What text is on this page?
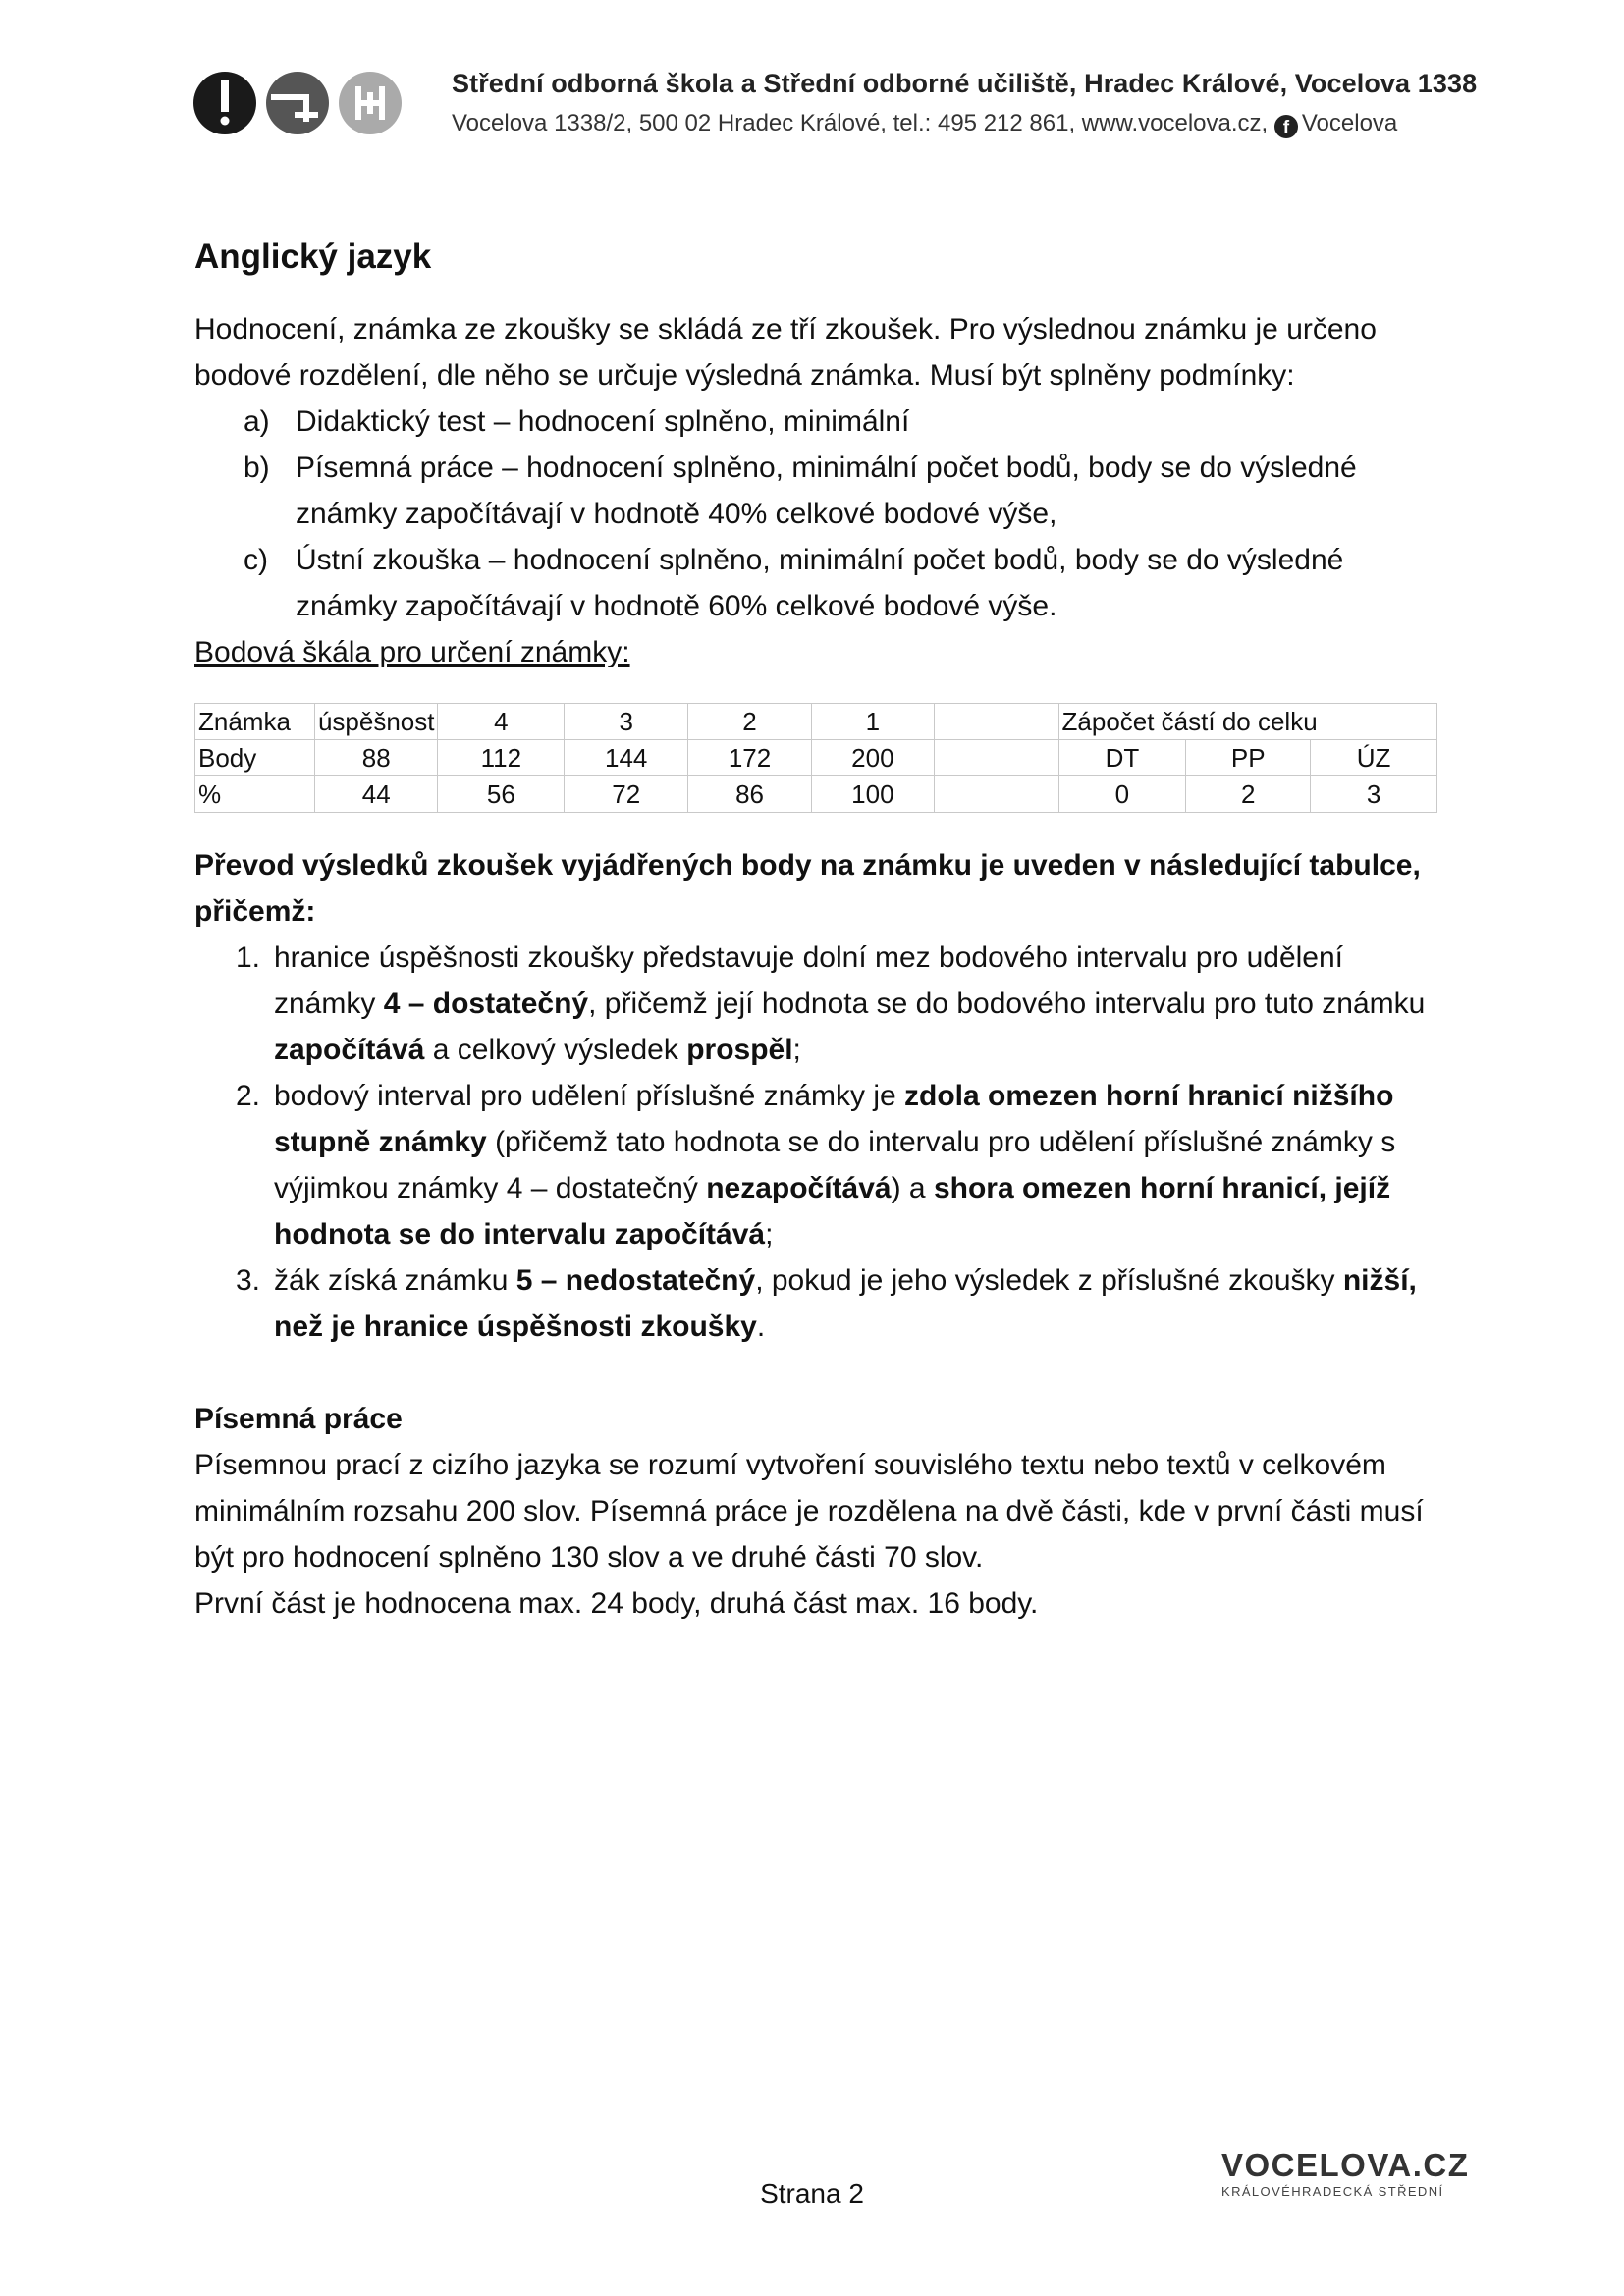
Střední odborná škola a Střední odborné učiliště, Hradec Králové, Vocelova 1338
Vocelova 1338/2, 500 02 Hradec Králové, tel.: 495 212 861, www.vocelova.cz, f Vocelova
Anglický jazyk

Hodnocení, známka ze zkoušky se skládá ze tří zkoušek. Pro výslednou známku je určeno bodové rozdělení, dle něho se určuje výsledná známka. Musí být splněny podmínky:

a) Didaktický test – hodnocení splněno, minimální
b) Písemná práce – hodnocení splněno, minimální počet bodů, body se do výsledné známky započítávají v hodnotě 40% celkové bodové výše,
c) Ústní zkouška – hodnocení splněno, minimální počet bodů, body se do výsledné známky započítávají v hodnotě 60% celkové bodové výše.

Bodová škála pro určení známky:

Známka	úspěšnost	4	3	2	1		Zápočet částí do celku		
Body	88	112	144	172	200		DT	PP	ÚZ
%	44	56	72	86	100		0	2	3

Převod výsledků zkoušek vyjádřených body na známku je uveden v následující tabulce, přičemž:

1. hranice úspěšnosti zkoušky představuje dolní mez bodového intervalu pro udělení známky 4 – dostatečný, přičemž její hodnota se do bodového intervalu pro tuto známku započítává a celkový výsledek prospěl;
2. bodový interval pro udělení příslušné známky je zdola omezen horní hranicí nižšího stupně známky (přičemž tato hodnota se do intervalu pro udělení příslušné známky s výjimkou známky 4 – dostatečný nezapočítává) a shora omezen horní hranicí, jejíž hodnota se do intervalu započítává;
3. žák získá známku 5 – nedostatečný, pokud je jeho výsledek z příslušné zkoušky nižší, než je hranice úspěšnosti zkoušky.

Písemná práce

Písemnou prací z cizího jazyka se rozumí vytvoření souvislého textu nebo textů v celkovém minimálním rozsahu 200 slov. Písemná práce je rozdělena na dvě části, kde v první části musí být pro hodnocení splněno 130 slov a ve druhé části 70 slov.

První část je hodnocena max. 24 body, druhá část max. 16 body.

Strana 2
VOCELOVA.CZ
KRÁLOVÉHRADECKÁ STŘEDNÍ
